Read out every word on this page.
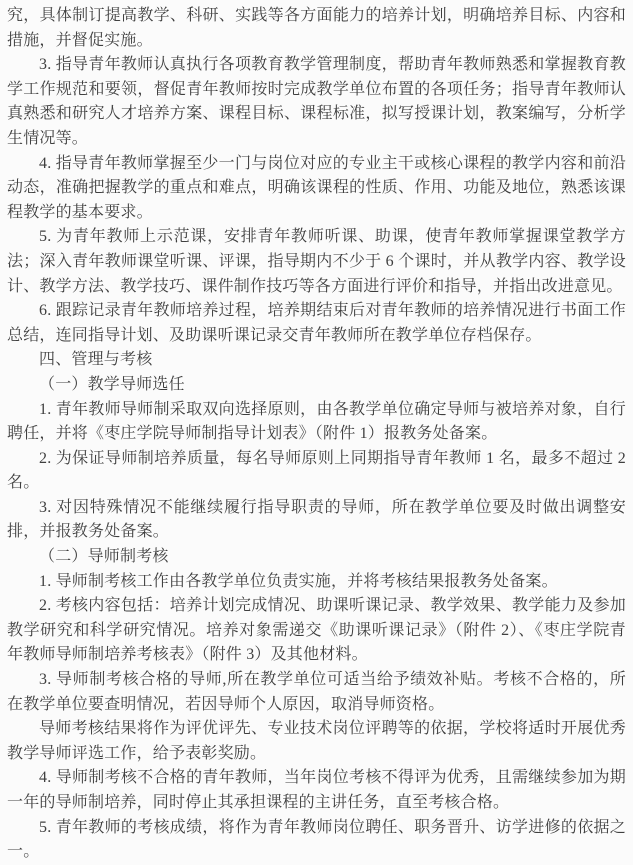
究，具体制订提高教学、科研、实践等各方面能力的培养计划，明确培养目标、内容和措施，并督促实施。

3. 指导青年教师认真执行各项教育教学管理制度，帮助青年教师熟悉和掌握教育教学工作规范和要领，督促青年教师按时完成教学单位布置的各项任务；指导青年教师认真熟悉和研究人才培养方案、课程目标、课程标准，拟写授课计划，教案编写，分析学生情况等。

4. 指导青年教师掌握至少一门与岗位对应的专业主干或核心课程的教学内容和前沿动态，准确把握教学的重点和难点，明确该课程的性质、作用、功能及地位，熟悉该课程教学的基本要求。

5. 为青年教师上示范课，安排青年教师听课、助课，使青年教师掌握课堂教学方法；深入青年教师课堂听课、评课，指导期内不少于 6 个课时，并从教学内容、教学设计、教学方法、教学技巧、课件制作技巧等各方面进行评价和指导，并指出改进意见。

6. 跟踪记录青年教师培养过程，培养期结束后对青年教师的培养情况进行书面工作总结，连同指导计划、及助课听课记录交青年教师所在教学单位存档保存。

四、管理与考核

（一）教学导师选任

1. 青年教师导师制采取双向选择原则，由各教学单位确定导师与被培养对象，自行聘任，并将《枣庄学院导师制指导计划表》（附件 1）报教务处备案。

2. 为保证导师制培养质量，每名导师原则上同期指导青年教师 1 名，最多不超过 2 名。

3. 对因特殊情况不能继续履行指导职责的导师，所在教学单位要及时做出调整安排，并报教务处备案。

（二）导师制考核

1. 导师制考核工作由各教学单位负责实施，并将考核结果报教务处备案。

2. 考核内容包括：培养计划完成情况、助课听课记录、教学效果、教学能力及参加教学研究和科学研究情况。培养对象需递交《助课听课记录》（附件 2）、《枣庄学院青年教师导师制培养考核表》（附件 3）及其他材料。

3. 导师制考核合格的导师,所在教学单位可适当给予绩效补贴。考核不合格的，所在教学单位要查明情况，若因导师个人原因，取消导师资格。

导师考核结果将作为评优评先、专业技术岗位评聘等的依据，学校将适时开展优秀教学导师评选工作，给予表彰奖励。

4. 导师制考核不合格的青年教师，当年岗位考核不得评为优秀，且需继续参加为期一年的导师制培养，同时停止其承担课程的主讲任务，直至考核合格。

5. 青年教师的考核成绩，将作为青年教师岗位聘任、职务晋升、访学进修的依据之一。
